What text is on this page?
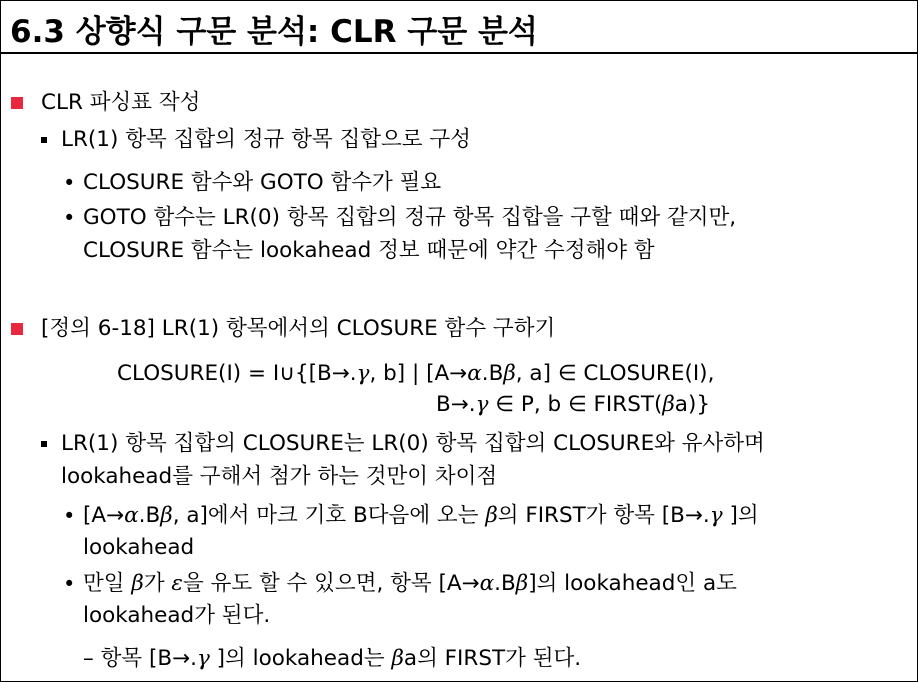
6.3 상향식 구문 분석: CLR 구문 분석
CLR 파싱표 작성
LR(1) 항목 집합의 정규 항목 집합으로 구성
• CLOSURE 함수와 GOTO 함수가 필요
• GOTO 함수는 LR(0) 항목 집합의 정규 항목 집합을 구할 때와 같지만,
CLOSURE 함수는 lookahead 정보 때문에 약간 수정해야 함
[정의 6-18] LR(1) 항목에서의 CLOSURE 함수 구하기
CLOSURE(I) = I∪{[B→.γ, b] | [A→α.Bβ, a] ∈ CLOSURE(I),
B→.γ ∈ P, b ∈ FIRST(βa)}
LR(1) 항목 집합의 CLOSURE는 LR(0) 항목 집합의 CLOSURE와 유사하며
lookahead를 구해서 첨가 하는 것만이 차이점
• [A→α.Bβ, a]에서 마크 기호 B다음에 오는 β의 FIRST가 항목 [B→.γ ]의
lookahead
• 만일 β가 ε을 유도 할 수 있으면, 항목 [A→α.Bβ]의 lookahead인 a도
lookahead가 된다.
– 항목 [B→.γ ]의 lookahead는 βa의 FIRST가 된다.
